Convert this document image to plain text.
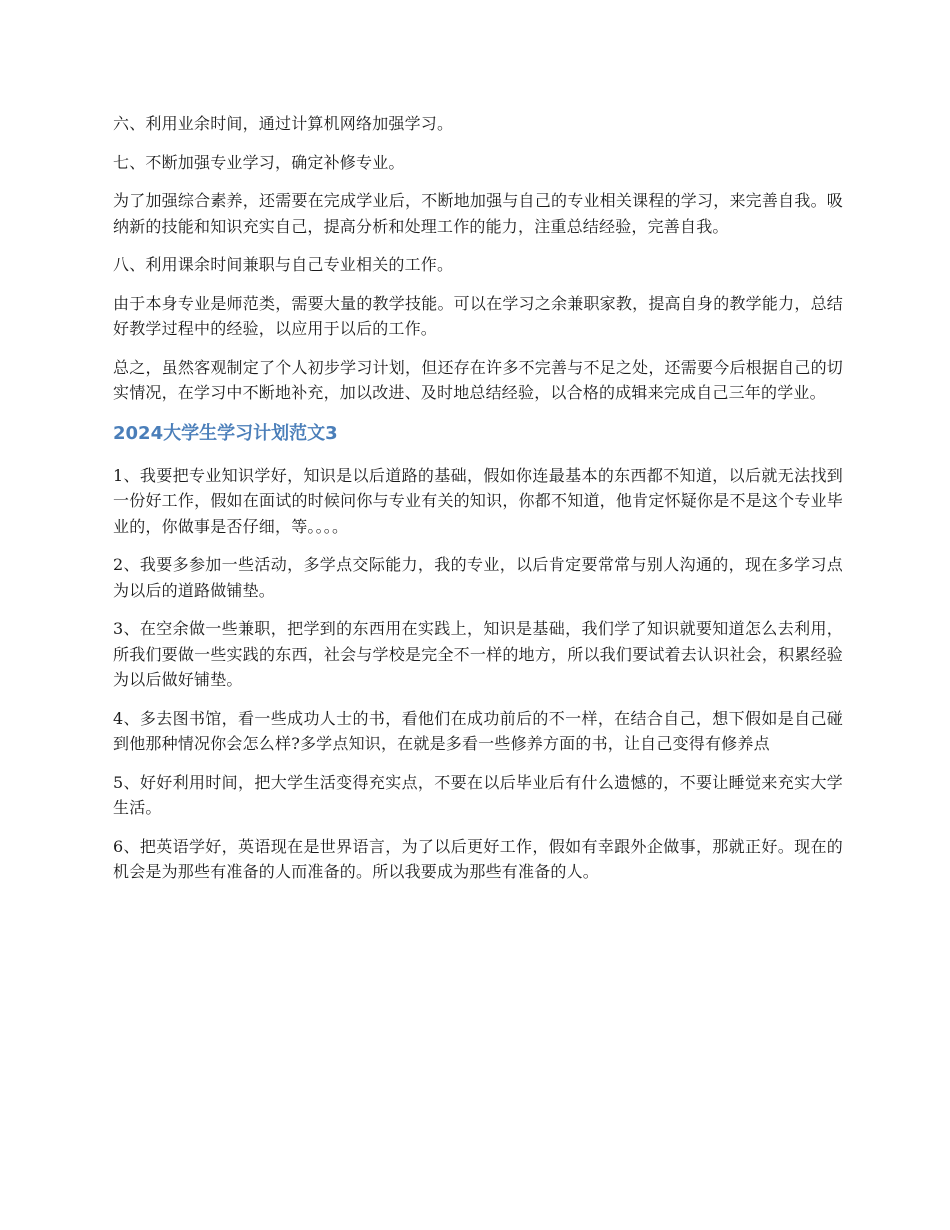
六、利用业余时间，通过计算机网络加强学习。

七、不断加强专业学习，确定补修专业。

为了加强综合素养，还需要在完成学业后，不断地加强与自己的专业相关课程的学习，来完善自我。吸纳新的技能和知识充实自己，提高分析和处理工作的能力，注重总结经验，完善自我。

八、利用课余时间兼职与自己专业相关的工作。

由于本身专业是师范类，需要大量的教学技能。可以在学习之余兼职家教，提高自身的教学能力，总结好教学过程中的经验，以应用于以后的工作。

总之，虽然客观制定了个人初步学习计划，但还存在许多不完善与不足之处，还需要今后根据自己的切实情况，在学习中不断地补充，加以改进、及时地总结经验，以合格的成辑来完成自己三年的学业。

2024大学生学习计划范文3

1、我要把专业知识学好，知识是以后道路的基础，假如你连最基本的东西都不知道，以后就无法找到一份好工作，假如在面试的时候问你与专业有关的知识，你都不知道，他肯定怀疑你是不是这个专业毕业的，你做事是否仔细，等。。。。

2、我要多参加一些活动，多学点交际能力，我的专业，以后肯定要常常与别人沟通的，现在多学习点为以后的道路做铺垫。

3、在空余做一些兼职，把学到的东西用在实践上，知识是基础，我们学了知识就要知道怎么去利用，所我们要做一些实践的东西，社会与学校是完全不一样的地方，所以我们要试着去认识社会，积累经验为以后做好铺垫。

4、多去图书馆，看一些成功人士的书，看他们在成功前后的不一样，在结合自己，想下假如是自己碰到他那种情况你会怎么样?多学点知识，在就是多看一些修养方面的书，让自己变得有修养点

5、好好利用时间，把大学生活变得充实点，不要在以后毕业后有什么遗憾的，不要让睡觉来充实大学生活。

6、把英语学好，英语现在是世界语言，为了以后更好工作，假如有幸跟外企做事，那就正好。现在的机会是为那些有准备的人而准备的。所以我要成为那些有准备的人。
